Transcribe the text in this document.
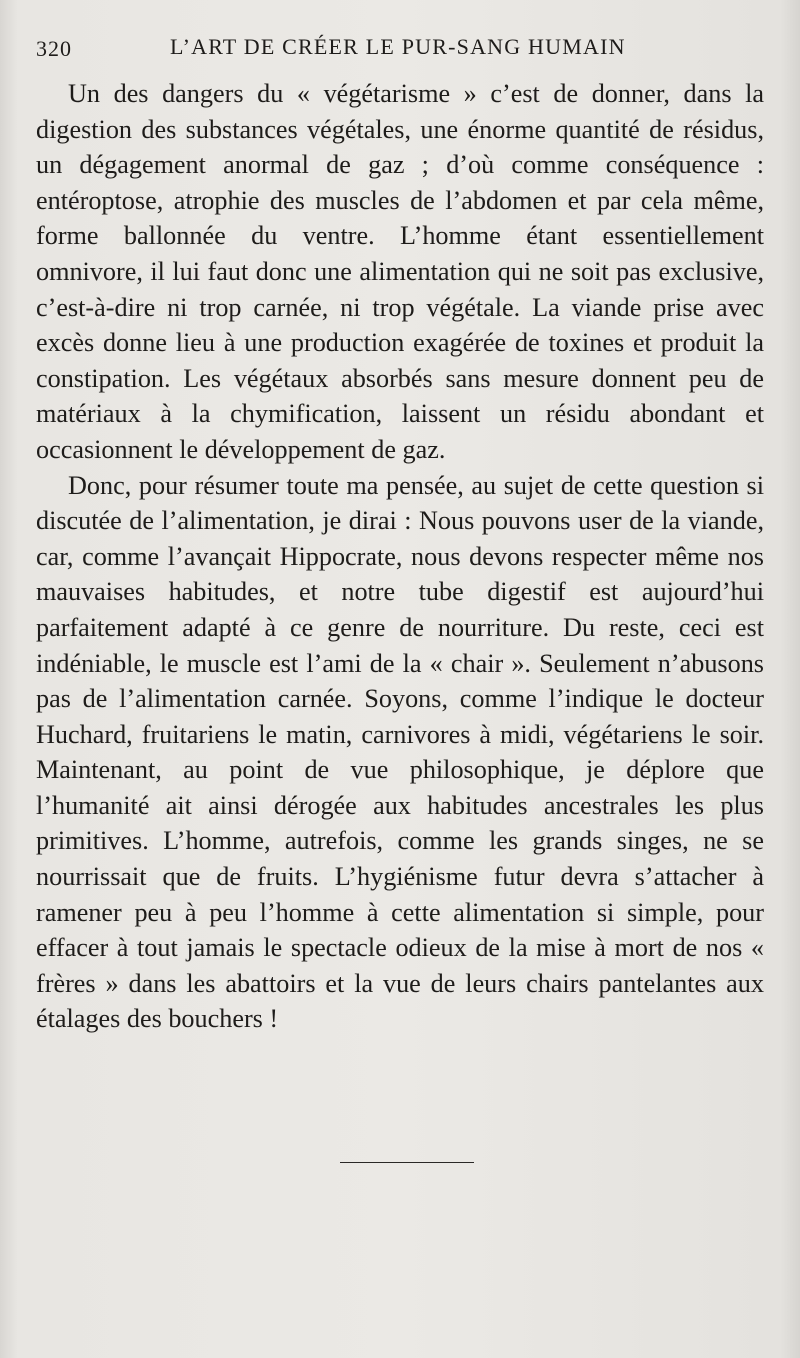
320	L’ART DE CRÉER LE PUR-SANG HUMAIN

Un des dangers du « végétarisme » c’est de donner, dans la digestion des substances végétales, une énorme quantité de résidus, un dégagement anormal de gaz ; d’où comme conséquence : entéroptose, atrophie des muscles de l’abdomen et par cela même, forme ballonnée du ventre. L’homme étant essentiellement omnivore, il lui faut donc une alimentation qui ne soit pas exclusive, c’est-à-dire ni trop carnée, ni trop végétale. La viande prise avec excès donne lieu à une production exagérée de toxines et produit la constipation. Les végétaux absorbés sans mesure donnent peu de matériaux à la chymification, laissent un résidu abondant et occasionnent le développement de gaz.

Donc, pour résumer toute ma pensée, au sujet de cette question si discutée de l’alimentation, je dirai : Nous pouvons user de la viande, car, comme l’avançait Hippocrate, nous devons respecter même nos mauvaises habitudes, et notre tube digestif est aujourd’hui parfaitement adapté à ce genre de nourriture. Du reste, ceci est indéniable, le muscle est l’ami de la « chair ». Seulement n’abusons pas de l’alimentation carnée. Soyons, comme l’indique le docteur Huchard, fruitariens le matin, carnivores à midi, végétariens le soir. Maintenant, au point de vue philosophique, je déplore que l’humanité ait ainsi dérogée aux habitudes ancestrales les plus primitives. L’homme, autrefois, comme les grands singes, ne se nourrissait que de fruits. L’hygiénisme futur devra s’attacher à ramener peu à peu l’homme à cette alimentation si simple, pour effacer à tout jamais le spectacle odieux de la mise à mort de nos « frères » dans les abattoirs et la vue de leurs chairs pantelantes aux étalages des bouchers !
